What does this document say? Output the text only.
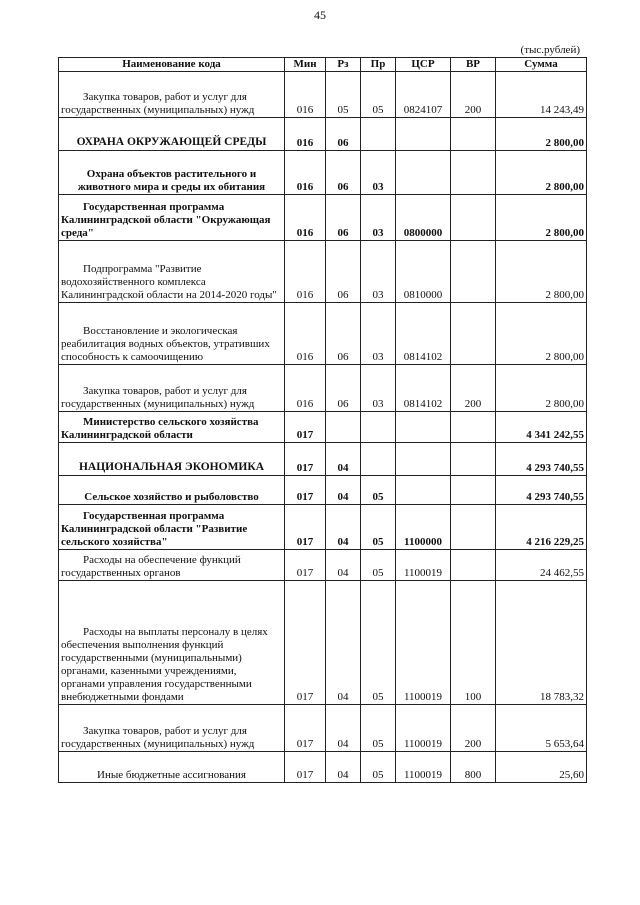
45
(тыс.рублей)
Наименование кода	Мин	Рз	Пр	ЦСР	ВР	Сумма
Закупка товаров, работ и услуг для государственных (муниципальных) нужд	016	05	05	0824107	200	14 243,49
ОХРАНА ОКРУЖАЮЩЕЙ СРЕДЫ	016	06				2 800,00
Охрана объектов растительного и животного мира и среды их обитания	016	06	03			2 800,00
Государственная программа Калининградской области "Окружающая среда"	016	06	03	0800000		2 800,00
Подпрограмма "Развитие водохозяйственного комплекса Калининградской области на 2014-2020 годы"	016	06	03	0810000		2 800,00
Восстановление и экологическая реабилитация водных объектов, утративших способность к самоочищению	016	06	03	0814102		2 800,00
Закупка товаров, работ и услуг для государственных (муниципальных) нужд	016	06	03	0814102	200	2 800,00
Министерство сельского хозяйства Калининградской области	017					4 341 242,55
НАЦИОНАЛЬНАЯ ЭКОНОМИКА	017	04				4 293 740,55
Сельское хозяйство и рыболовство	017	04	05			4 293 740,55
Государственная программа Калининградской области "Развитие сельского хозяйства"	017	04	05	1100000		4 216 229,25
Расходы на обеспечение функций государственных органов	017	04	05	1100019		24 462,55
Расходы на выплаты персоналу в целях обеспечения выполнения функций государственными (муниципальными) органами, казенными учреждениями, органами управления государственными внебюджетными фондами	017	04	05	1100019	100	18 783,32
Закупка товаров, работ и услуг для государственных (муниципальных) нужд	017	04	05	1100019	200	5 653,64
Иные бюджетные ассигнования	017	04	05	1100019	800	25,60
